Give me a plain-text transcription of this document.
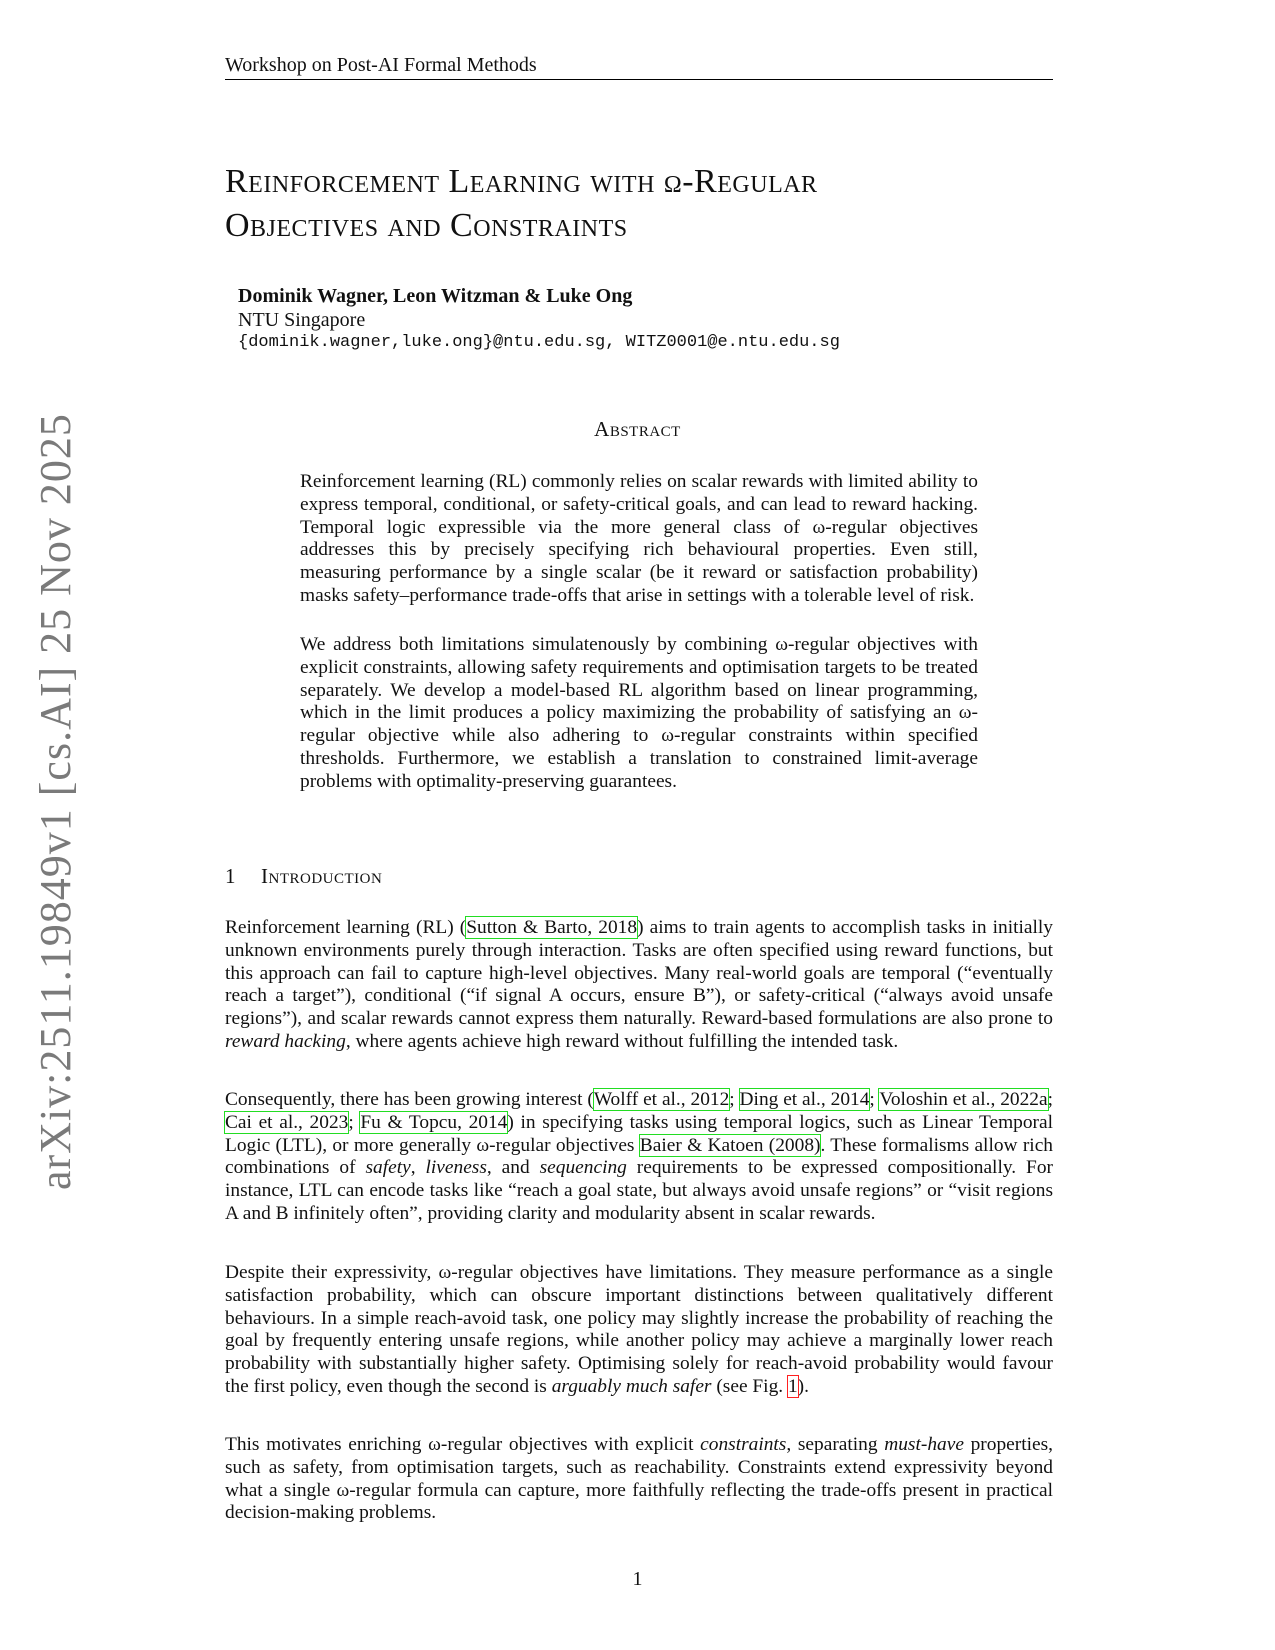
Workshop on Post-AI Formal Methods
Reinforcement Learning with ω-Regular
Objectives and Constraints
Dominik Wagner, Leon Witzman & Luke Ong
NTU Singapore
{dominik.wagner,luke.ong}@ntu.edu.sg, WITZ0001@e.ntu.edu.sg
Abstract

Reinforcement learning (RL) commonly relies on scalar rewards with limited ability to express temporal, conditional, or safety-critical goals, and can lead to reward hacking. Temporal logic expressible via the more general class of ω-regular objectives addresses this by precisely specifying rich behavioural properties. Even still, measuring performance by a single scalar (be it reward or satisfaction probability) masks safety–performance trade-offs that arise in settings with a tolerable level of risk.

We address both limitations simulatenously by combining ω-regular objectives with explicit constraints, allowing safety requirements and optimisation targets to be treated separately. We develop a model-based RL algorithm based on linear programming, which in the limit produces a policy maximizing the probability of satisfying an ω-regular objective while also adhering to ω-regular constraints within specified thresholds. Furthermore, we establish a translation to constrained limit-average problems with optimality-preserving guarantees.

1 Introduction

Reinforcement learning (RL) (Sutton & Barto, 2018) aims to train agents to accomplish tasks in initially unknown environments purely through interaction. Tasks are often specified using reward functions, but this approach can fail to capture high-level objectives. Many real-world goals are temporal (“eventually reach a target”), conditional (“if signal A occurs, ensure B”), or safety-critical (“always avoid unsafe regions”), and scalar rewards cannot express them naturally. Reward-based formulations are also prone to reward hacking, where agents achieve high reward without fulfilling the intended task.

Consequently, there has been growing interest (Wolff et al., 2012; Ding et al., 2014; Voloshin et al., 2022a; Cai et al., 2023; Fu & Topcu, 2014) in specifying tasks using temporal logics, such as Linear Temporal Logic (LTL), or more generally ω-regular objectives Baier & Katoen (2008). These formalisms allow rich combinations of safety, liveness, and sequencing requirements to be expressed compositionally. For instance, LTL can encode tasks like “reach a goal state, but always avoid unsafe regions” or “visit regions A and B infinitely often”, providing clarity and modularity absent in scalar rewards.

Despite their expressivity, ω-regular objectives have limitations. They measure performance as a single satisfaction probability, which can obscure important distinctions between qualitatively different behaviours. In a simple reach-avoid task, one policy may slightly increase the probability of reaching the goal by frequently entering unsafe regions, while another policy may achieve a marginally lower reach probability with substantially higher safety. Optimising solely for reach-avoid probability would favour the first policy, even though the second is arguably much safer (see Fig. 1).

This motivates enriching ω-regular objectives with explicit constraints, separating must-have properties, such as safety, from optimisation targets, such as reachability. Constraints extend expressivity beyond what a single ω-regular formula can capture, more faithfully reflecting the trade-offs present in practical decision-making problems.

1
arXiv:2511.19849v1 [cs.AI] 25 Nov 2025
